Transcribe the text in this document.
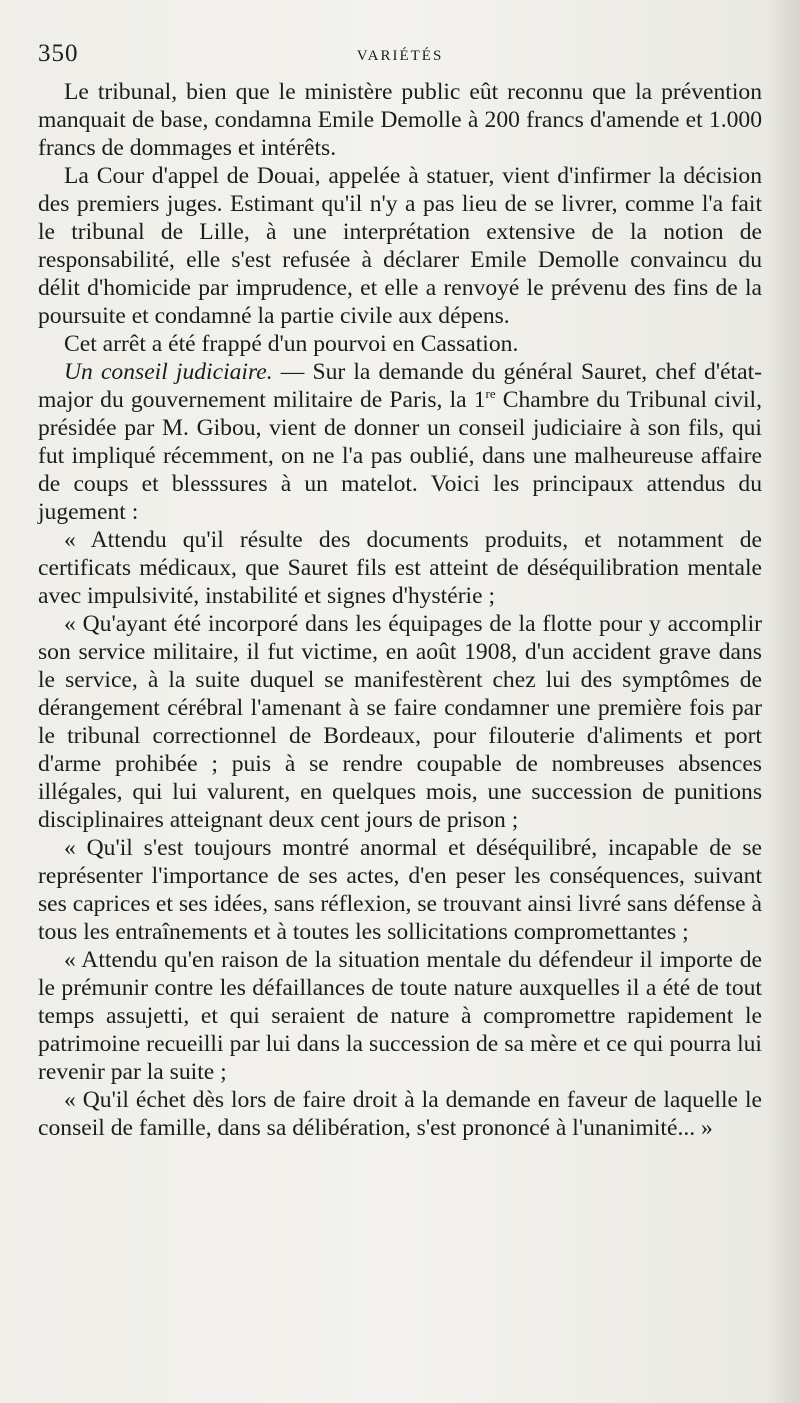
350	VARIÉTÉS

Le tribunal, bien que le ministère public eût reconnu que la prévention manquait de base, condamna Emile Demolle à 200 francs d'amende et 1.000 francs de dommages et intérêts.

La Cour d'appel de Douai, appelée à statuer, vient d'infirmer la décision des premiers juges. Estimant qu'il n'y a pas lieu de se livrer, comme l'a fait le tribunal de Lille, à une interprétation extensive de la notion de responsabilité, elle s'est refusée à déclarer Emile Demolle convaincu du délit d'homicide par imprudence, et elle a renvoyé le prévenu des fins de la poursuite et condamné la partie civile aux dépens.

Cet arrêt a été frappé d'un pourvoi en Cassation.

Un conseil judiciaire. — Sur la demande du général Sauret, chef d'état-major du gouvernement militaire de Paris, la 1re Chambre du Tribunal civil, présidée par M. Gibou, vient de donner un conseil judiciaire à son fils, qui fut impliqué récemment, on ne l'a pas oublié, dans une malheureuse affaire de coups et blesssures à un matelot. Voici les principaux attendus du jugement :

« Attendu qu'il résulte des documents produits, et notamment de certificats médicaux, que Sauret fils est atteint de déséquilibration mentale avec impulsivité, instabilité et signes d'hystérie ;

« Qu'ayant été incorporé dans les équipages de la flotte pour y accomplir son service militaire, il fut victime, en août 1908, d'un accident grave dans le service, à la suite duquel se manifestèrent chez lui des symptômes de dérangement cérébral l'amenant à se faire condamner une première fois par le tribunal correctionnel de Bordeaux, pour filouterie d'aliments et port d'arme prohibée ; puis à se rendre coupable de nombreuses absences illégales, qui lui valurent, en quelques mois, une succession de punitions disciplinaires atteignant deux cent jours de prison ;

« Qu'il s'est toujours montré anormal et déséquilibré, incapable de se représenter l'importance de ses actes, d'en peser les conséquences, suivant ses caprices et ses idées, sans réflexion, se trouvant ainsi livré sans défense à tous les entraînements et à toutes les sollicitations compromettantes ;

« Attendu qu'en raison de la situation mentale du défendeur il importe de le prémunir contre les défaillances de toute nature auxquelles il a été de tout temps assujetti, et qui seraient de nature à compromettre rapidement le patrimoine recueilli par lui dans la succession de sa mère et ce qui pourra lui revenir par la suite ;

« Qu'il échet dès lors de faire droit à la demande en faveur de laquelle le conseil de famille, dans sa délibération, s'est prononcé à l'unanimité... »
